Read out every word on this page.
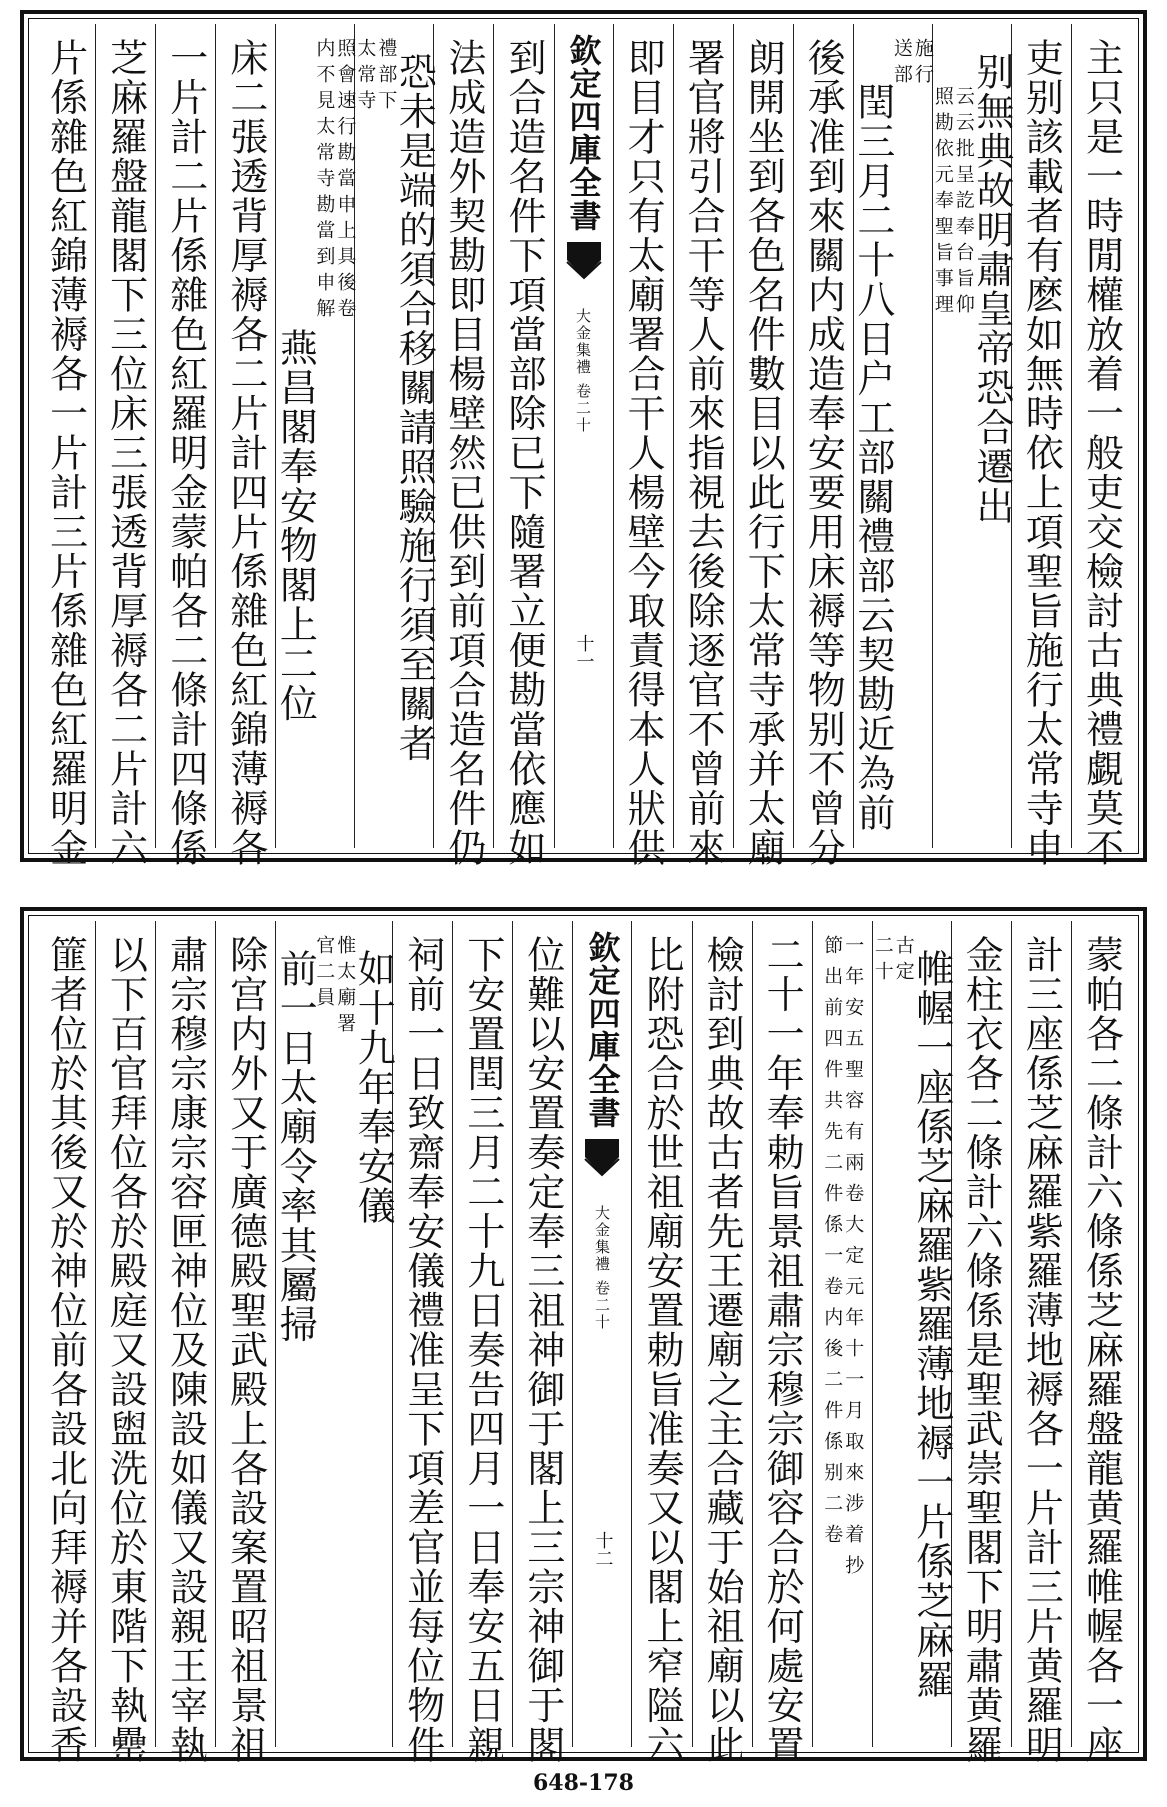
主只是一時閒權放着一般吏交檢討古典禮覷莫不
吏别該載者有麽如無時依上項聖旨施行太常寺申
别無典故明肅皇帝恐合遷出
云云批呈訖奉台旨仰
照勘依元奉聖旨事理
施行
送部
閏三月二十八日户工部關禮部云契勘近為前
後承准到來關内成造奉安要用床褥等物别不曾分
朗開坐到各色名件數目以此行下太常寺承并太廟
署官將引合干等人前來指視去後除逐官不曾前來
即目才只有太廟署合干人楊壁今取責得本人狀供
欽定四庫全書
大金集禮 卷二十
十一
到合造名件下項當部除已下隨署立便勘當依應如
法成造外契勘即目楊壁然已供到前項合造名件仍
恐未是端的須合移關請照驗施行須至關者
禮部下
太常寺
照會速行勘當申上具後卷
内不見太常寺勘當到申解
燕昌閣奉安物閣上二位
床二張透背厚褥各二片計四片係雜色紅錦薄褥各
一片計二片係雜色紅羅明金蒙帕各二條計四條係
芝麻羅盤龍閣下三位床三張透背厚褥各二片計六
片係雜色紅錦薄褥各一片計三片係雜色紅羅明金
蒙帕各二條計六條係芝麻羅盤龍黄羅帷幄各一座
計三座係芝麻羅紫羅薄地褥各一片計三片黄羅明
金柱衣各二條計六條係是聖武崇聖閣下明肅黄羅
帷幄一座係芝麻羅紫羅薄地褥一片係芝麻羅
古定
二十
一年安五聖容有兩卷大定元年十一月取來涉着抄
節出前四件共先二件係一卷内後二件係别二卷
二十一年奉勅旨景祖肅宗穆宗御容合於何處安置
檢討到典故古者先王遷廟之主合藏于始祖廟以此
比附恐合於世祖廟安置勅旨准奏又以閣上窄隘六
欽定四庫全書
大金集禮 卷二十
十二
位難以安置奏定奉三祖神御于閣上三宗神御于閣
下安置閏三月二十九日奏告四月一日奉安五日親
祠前一日致齋奉安儀禮准呈下項差官並每位物件
如十九年奉安儀
惟太廟署
官二員
前一日太廟令率其屬掃
除宫内外又于廣德殿聖武殿上各設案置昭祖景祖
肅宗穆宗康宗容匣神位及陳設如儀又設親王宰執
以下百官拜位各於殿庭又設盥洗位於東階下執罍
篚者位於其後又於神位前各設北向拜褥并各設香
648-178
